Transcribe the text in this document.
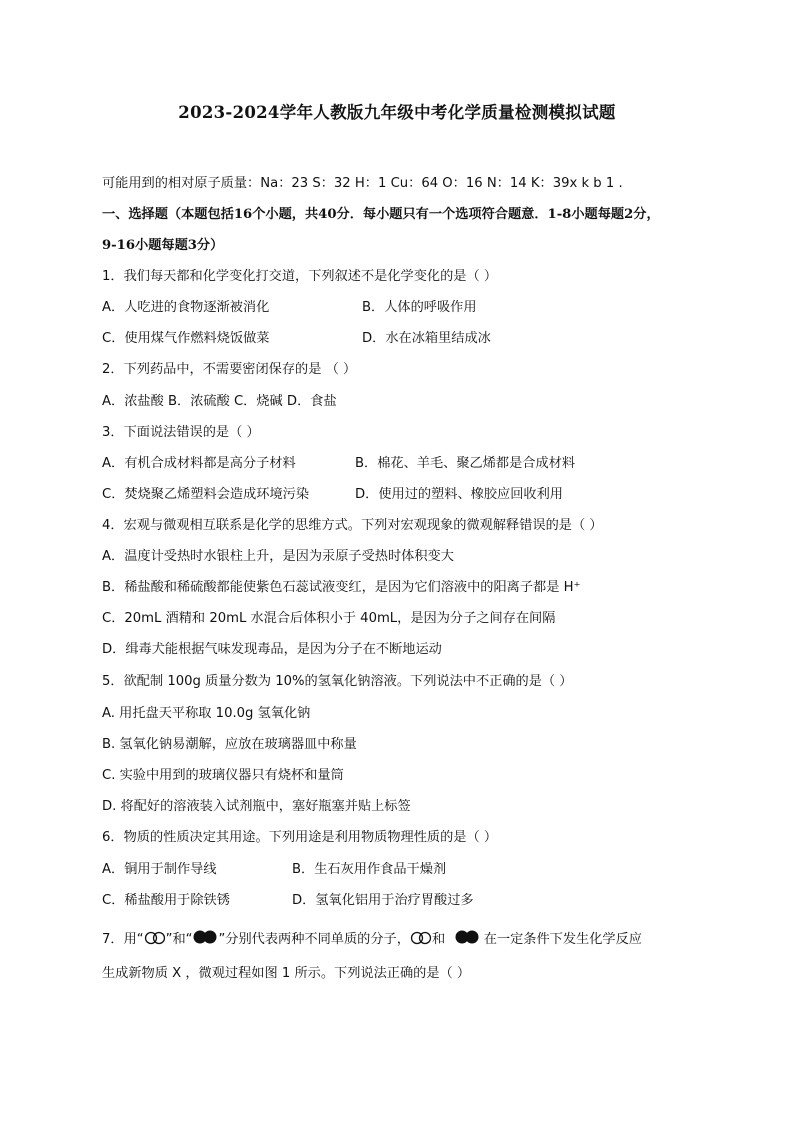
2023-2024学年人教版九年级中考化学质量检测模拟试题
可能用到的相对原子质量：Na：23 S：32 H：1 Cu：64 O：16 N：14 K：39x k b 1 .
一、选择题（本题包括16个小题，共40分．每小题只有一个选项符合题意．1-8小题每题2分，
9-16小题每题3分）
1．我们每天都和化学变化打交道，下列叙述不是化学变化的是（ ）
A．人吃进的食物逐渐被消化	B．人体的呼吸作用
C．使用煤气作燃料烧饭做菜	D．水在冰箱里结成冰
2．下列药品中，不需要密闭保存的是 （ ）
A．浓盐酸 B．浓硫酸 C．烧碱 D．食盐
3．下面说法错误的是（ ）
A．有机合成材料都是高分子材料	B．棉花、羊毛、聚乙烯都是合成材料
C．焚烧聚乙烯塑料会造成环境污染	D．使用过的塑料、橡胶应回收利用
4．宏观与微观相互联系是化学的思维方式。下列对宏观现象的微观解释错误的是（ ）
A．温度计受热时水银柱上升，是因为汞原子受热时体积变大
B．稀盐酸和稀硫酸都能使紫色石蕊试液变红，是因为它们溶液中的阳离子都是 H⁺
C．20mL 酒精和 20mL 水混合后体积小于 40mL，是因为分子之间存在间隔
D．缉毒犬能根据气味发现毒品，是因为分子在不断地运动
5．欲配制 100g 质量分数为 10%的氢氧化钠溶液。下列说法中不正确的是（ ）
A. 用托盘天平称取 10.0g 氢氧化钠
B. 氢氧化钠易潮解，应放在玻璃器皿中称量
C. 实验中用到的玻璃仪器只有烧杯和量筒
D. 将配好的溶液装入试剂瓶中，塞好瓶塞并贴上标签
6．物质的性质决定其用途。下列用途是利用物质物理性质的是（ ）
A．铜用于制作导线	B．生石灰用作食品干燥剂
C．稀盐酸用于除铁锈	D．氢氧化铝用于治疗胃酸过多
7．用“ ”和“ ”分别代表两种不同单质的分子， 和	在一定条件下发生化学反应
生成新物质 X ，微观过程如图 1 所示。下列说法正确的是（ ）
